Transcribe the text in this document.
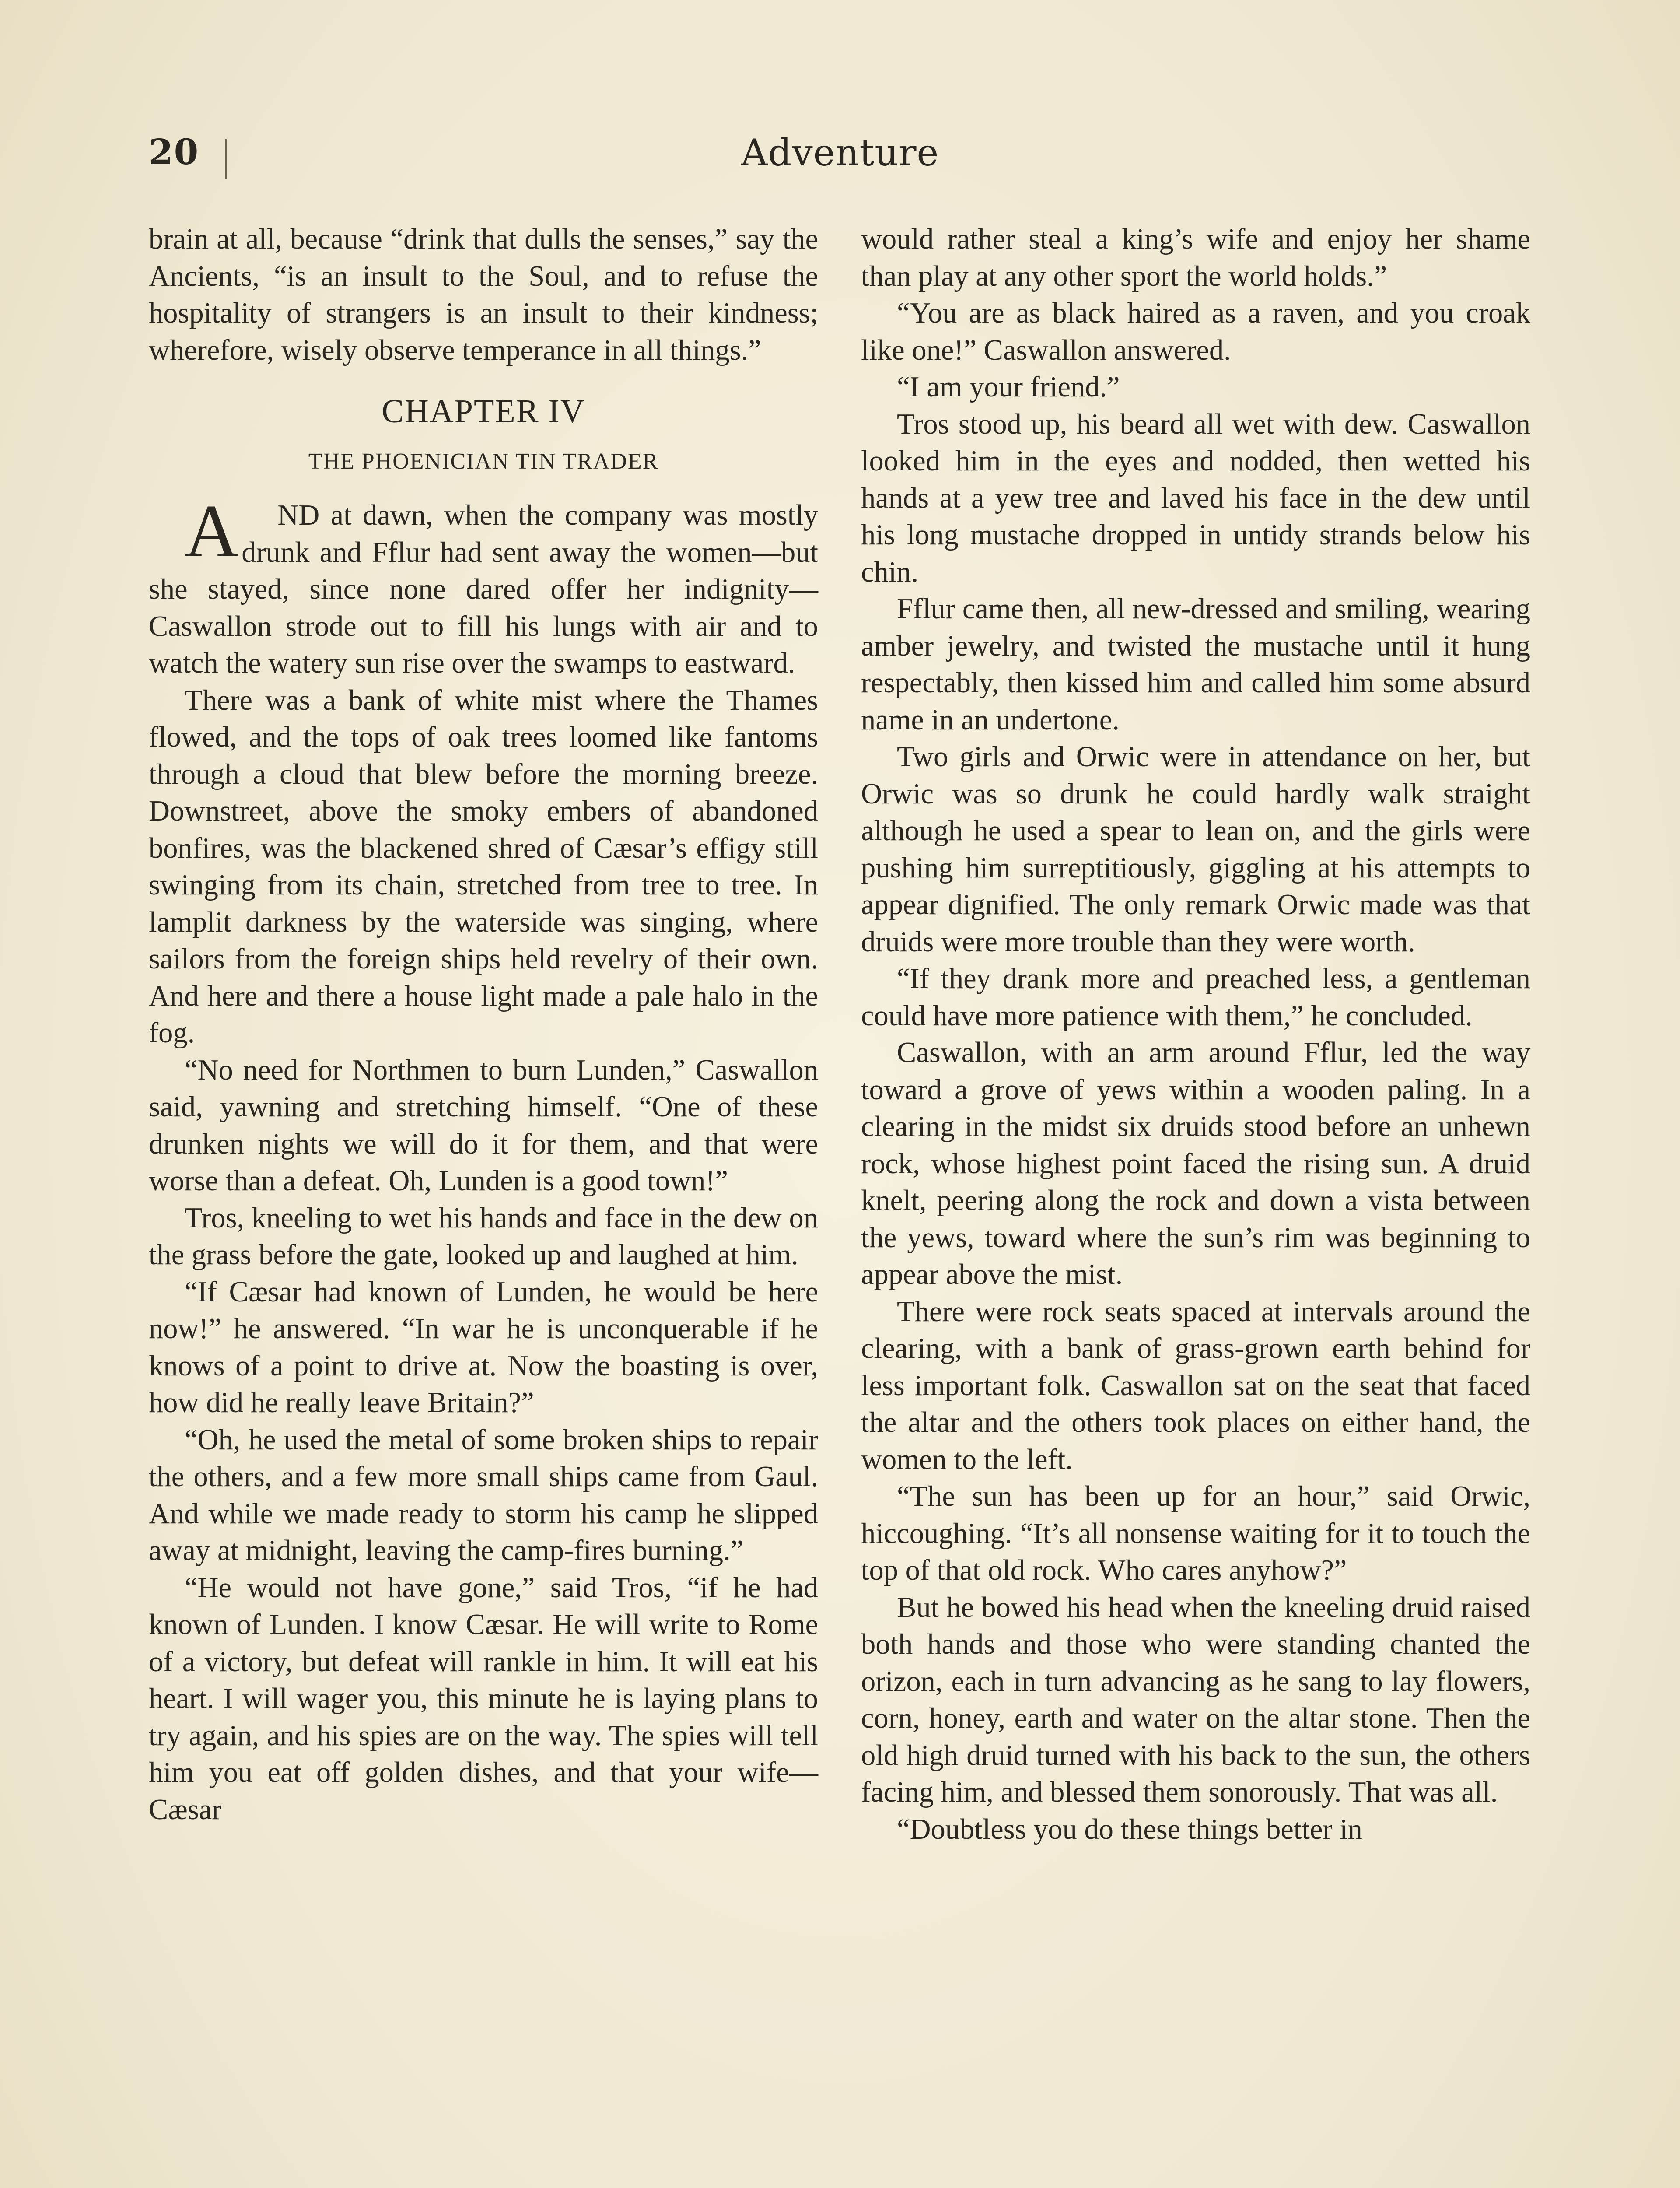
20	Adventure

brain at all, because “drink that dulls the senses,” say the Ancients, “is an insult to the Soul, and to refuse the hospitality of strangers is an insult to their kindness; wherefore, wisely observe temperance in all things.”

CHAPTER IV
THE PHOENICIAN TIN TRADER

A ND at dawn, when the company was mostly drunk and Fflur had sent away the women—but she stayed, since none dared offer her indignity—Caswallon strode out to fill his lungs with air and to watch the watery sun rise over the swamps to eastward.

There was a bank of white mist where the Thames flowed, and the tops of oak trees loomed like fantoms through a cloud that blew before the morning breeze. Downstreet, above the smoky embers of abandoned bonfires, was the blackened shred of Cæsar’s effigy still swinging from its chain, stretched from tree to tree. In lamplit darkness by the waterside was singing, where sailors from the foreign ships held revelry of their own. And here and there a house light made a pale halo in the fog.

“No need for Northmen to burn Lunden,” Caswallon said, yawning and stretching himself. “One of these drunken nights we will do it for them, and that were worse than a defeat. Oh, Lunden is a good town!”

Tros, kneeling to wet his hands and face in the dew on the grass before the gate, looked up and laughed at him.

“If Cæsar had known of Lunden, he would be here now!” he answered. “In war he is unconquerable if he knows of a point to drive at. Now the boasting is over, how did he really leave Britain?”

“Oh, he used the metal of some broken ships to repair the others, and a few more small ships came from Gaul. And while we made ready to storm his camp he slipped away at midnight, leaving the camp-fires burning.”

“He would not have gone,” said Tros, “if he had known of Lunden. I know Cæsar. He will write to Rome of a victory, but defeat will rankle in him. It will eat his heart. I will wager you, this minute he is laying plans to try again, and his spies are on the way. The spies will tell him you eat off golden dishes, and that your wife—Cæsar

would rather steal a king’s wife and enjoy her shame than play at any other sport the world holds.”

“You are as black haired as a raven, and you croak like one!” Caswallon answered.

“I am your friend.”

Tros stood up, his beard all wet with dew. Caswallon looked him in the eyes and nodded, then wetted his hands at a yew tree and laved his face in the dew until his long mustache dropped in untidy strands below his chin.

Fflur came then, all new-dressed and smiling, wearing amber jewelry, and twisted the mustache until it hung respectably, then kissed him and called him some absurd name in an undertone.

Two girls and Orwic were in attendance on her, but Orwic was so drunk he could hardly walk straight although he used a spear to lean on, and the girls were pushing him surreptitiously, giggling at his attempts to appear dignified. The only remark Orwic made was that druids were more trouble than they were worth.

“If they drank more and preached less, a gentleman could have more patience with them,” he concluded.

Caswallon, with an arm around Fflur, led the way toward a grove of yews within a wooden paling. In a clearing in the midst six druids stood before an unhewn rock, whose highest point faced the rising sun. A druid knelt, peering along the rock and down a vista between the yews, toward where the sun’s rim was beginning to appear above the mist.

There were rock seats spaced at intervals around the clearing, with a bank of grass-grown earth behind for less important folk. Caswallon sat on the seat that faced the altar and the others took places on either hand, the women to the left.

“The sun has been up for an hour,” said Orwic, hiccoughing. “It’s all nonsense waiting for it to touch the top of that old rock. Who cares anyhow?”

But he bowed his head when the kneeling druid raised both hands and those who were standing chanted the orizon, each in turn advancing as he sang to lay flowers, corn, honey, earth and water on the altar stone. Then the old high druid turned with his back to the sun, the others facing him, and blessed them sonorously. That was all.

“Doubtless you do these things better in
